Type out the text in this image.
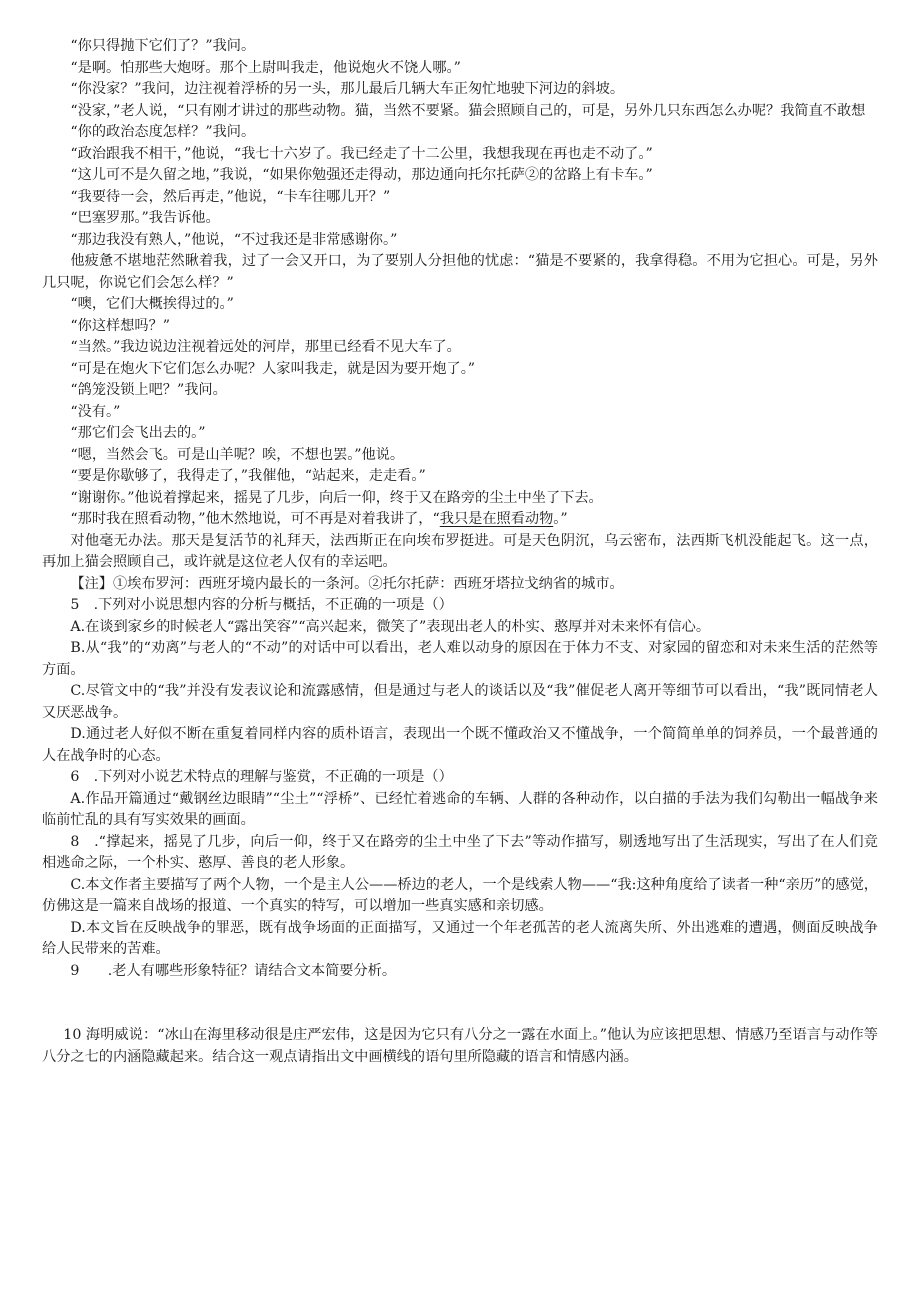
“你只得抛下它们了？”我问。

“是啊。怕那些大炮呀。那个上尉叫我走，他说炮火不饶人哪。”

“你没家？”我问，边注视着浮桥的另一头，那儿最后几辆大车正匆忙地驶下河边的斜坡。

“没家，”老人说，“只有刚才讲过的那些动物。猫，当然不要紧。猫会照顾自己的，可是，另外几只东西怎么办呢？我简直不敢想

“你的政治态度怎样？”我问。

“政治跟我不相干，”他说，“我七十六岁了。我已经走了十二公里，我想我现在再也走不动了。”

“这儿可不是久留之地，”我说，“如果你勉强还走得动，那边通向托尔托萨②的岔路上有卡车。”

“我要待一会，然后再走，”他说，“卡车往哪儿开？”

“巴塞罗那。”我告诉他。

“那边我没有熟人，”他说，“不过我还是非常感谢你。”

他疲惫不堪地茫然瞅着我，过了一会又开口，为了要别人分担他的忧虑：“猫是不要紧的，我拿得稳。不用为它担心。可是，另外几只呢，你说它们会怎么样？”

“噢，它们大概挨得过的。”

“你这样想吗？”

“当然。”我边说边注视着远处的河岸，那里已经看不见大车了。

“可是在炮火下它们怎么办呢？人家叫我走，就是因为要开炮了。”

“鸽笼没锁上吧？”我问。

“没有。”

“那它们会飞出去的。”

“嗯，当然会飞。可是山羊呢？唉，不想也罢。”他说。

“要是你歇够了，我得走了，”我催他，“站起来，走走看。”

“谢谢你。”他说着撑起来，摇晃了几步，向后一仰，终于又在路旁的尘土中坐了下去。

“那时我在照看动物，”他木然地说，可不再是对着我讲了，“我只是在照看动物。”

对他毫无办法。那天是复活节的礼拜天，法西斯正在向埃布罗挺进。可是天色阴沉，乌云密布，法西斯飞机没能起飞。这一点，再加上猫会照顾自己，或许就是这位老人仅有的幸运吧。

【注】①埃布罗河：西班牙境内最长的一条河。②托尔托萨：西班牙塔拉戈纳省的城市。

5　.下列对小说思想内容的分析与概括，不正确的一项是（）

A.在谈到家乡的时候老人“露出笑容”“高兴起来，微笑了”表现出老人的朴实、憨厚并对未来怀有信心。

B.从“我”的“劝离”与老人的“不动”的对话中可以看出，老人难以动身的原因在于体力不支、对家园的留恋和对未来生活的茫然等方面。

C.尽管文中的“我”并没有发表议论和流露感情，但是通过与老人的谈话以及“我”催促老人离开等细节可以看出，“我”既同情老人又厌恶战争。

D.通过老人好似不断在重复着同样内容的质朴语言，表现出一个既不懂政治又不懂战争，一个简简单单的饲养员，一个最普通的人在战争时的心态。

6　.下列对小说艺术特点的理解与鉴赏，不正确的一项是（）

A.作品开篇通过“戴钢丝边眼睛”“尘土”“浮桥”、已经忙着逃命的车辆、人群的各种动作，以白描的手法为我们勾勒出一幅战争来临前忙乱的具有写实效果的画面。

8　.“撑起来，摇晃了几步，向后一仰，终于又在路旁的尘土中坐了下去”等动作描写，剔透地写出了生活现实，写出了在人们竞相逃命之际，一个朴实、憨厚、善良的老人形象。

C.本文作者主要描写了两个人物，一个是主人公——桥边的老人，一个是线索人物——“我:这种角度给了读者一种“亲历”的感觉，仿佛这是一篇来自战场的报道、一个真实的特写，可以增加一些真实感和亲切感。

D.本文旨在反映战争的罪恶，既有战争场面的正面描写，又通过一个年老孤苦的老人流离失所、外出逃难的遭遇，侧面反映战争给人民带来的苦难。

9　　.老人有哪些形象特征？请结合文本简要分析。

10 海明威说：“冰山在海里移动很是庄严宏伟，这是因为它只有八分之一露在水面上。”他认为应该把思想、情感乃至语言与动作等八分之七的内涵隐藏起来。结合这一观点请指出文中画横线的语句里所隐藏的语言和情感内涵。
